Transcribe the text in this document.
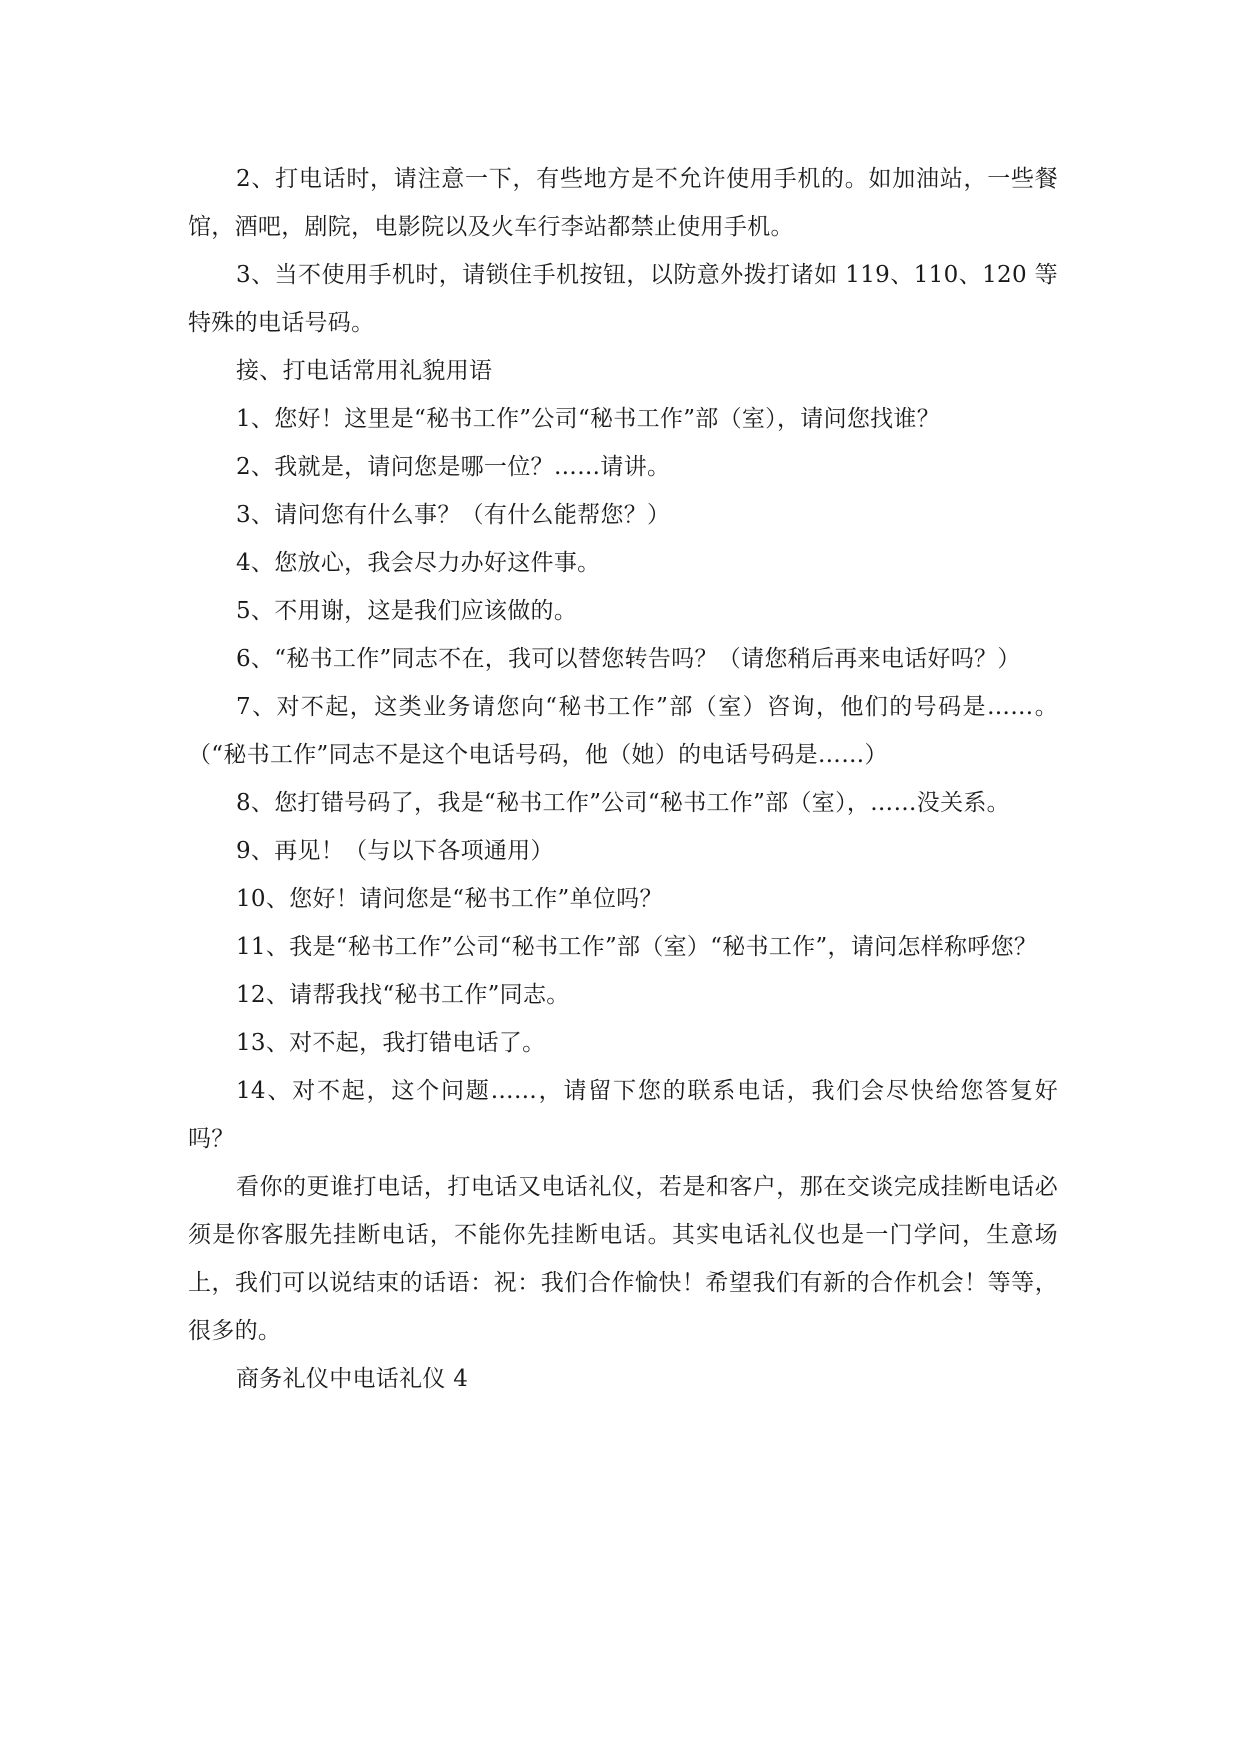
2、打电话时，请注意一下，有些地方是不允许使用手机的。如加油站，一些餐馆，酒吧，剧院，电影院以及火车行李站都禁止使用手机。

3、当不使用手机时，请锁住手机按钮，以防意外拨打诸如 119、110、120 等特殊的电话号码。

接、打电话常用礼貌用语

1、您好！这里是“秘书工作”公司“秘书工作”部（室），请问您找谁？

2、我就是，请问您是哪一位？……请讲。

3、请问您有什么事？（有什么能帮您？）

4、您放心，我会尽力办好这件事。

5、不用谢，这是我们应该做的。

6、“秘书工作”同志不在，我可以替您转告吗？（请您稍后再来电话好吗？）

7、对不起，这类业务请您向“秘书工作”部（室）咨询，他们的号码是……。（“秘书工作”同志不是这个电话号码，他（她）的电话号码是……）

8、您打错号码了，我是“秘书工作”公司“秘书工作”部（室），……没关系。

9、再见！（与以下各项通用）

10、您好！请问您是“秘书工作”单位吗？

11、我是“秘书工作”公司“秘书工作”部（室）“秘书工作”，请问怎样称呼您？

12、请帮我找“秘书工作”同志。

13、对不起，我打错电话了。

14、对不起，这个问题……，请留下您的联系电话，我们会尽快给您答复好吗？

看你的更谁打电话，打电话又电话礼仪，若是和客户，那在交谈完成挂断电话必须是你客服先挂断电话，不能你先挂断电话。其实电话礼仪也是一门学问，生意场上，我们可以说结束的话语：祝：我们合作愉快！希望我们有新的合作机会！等等，很多的。

商务礼仪中电话礼仪 4
